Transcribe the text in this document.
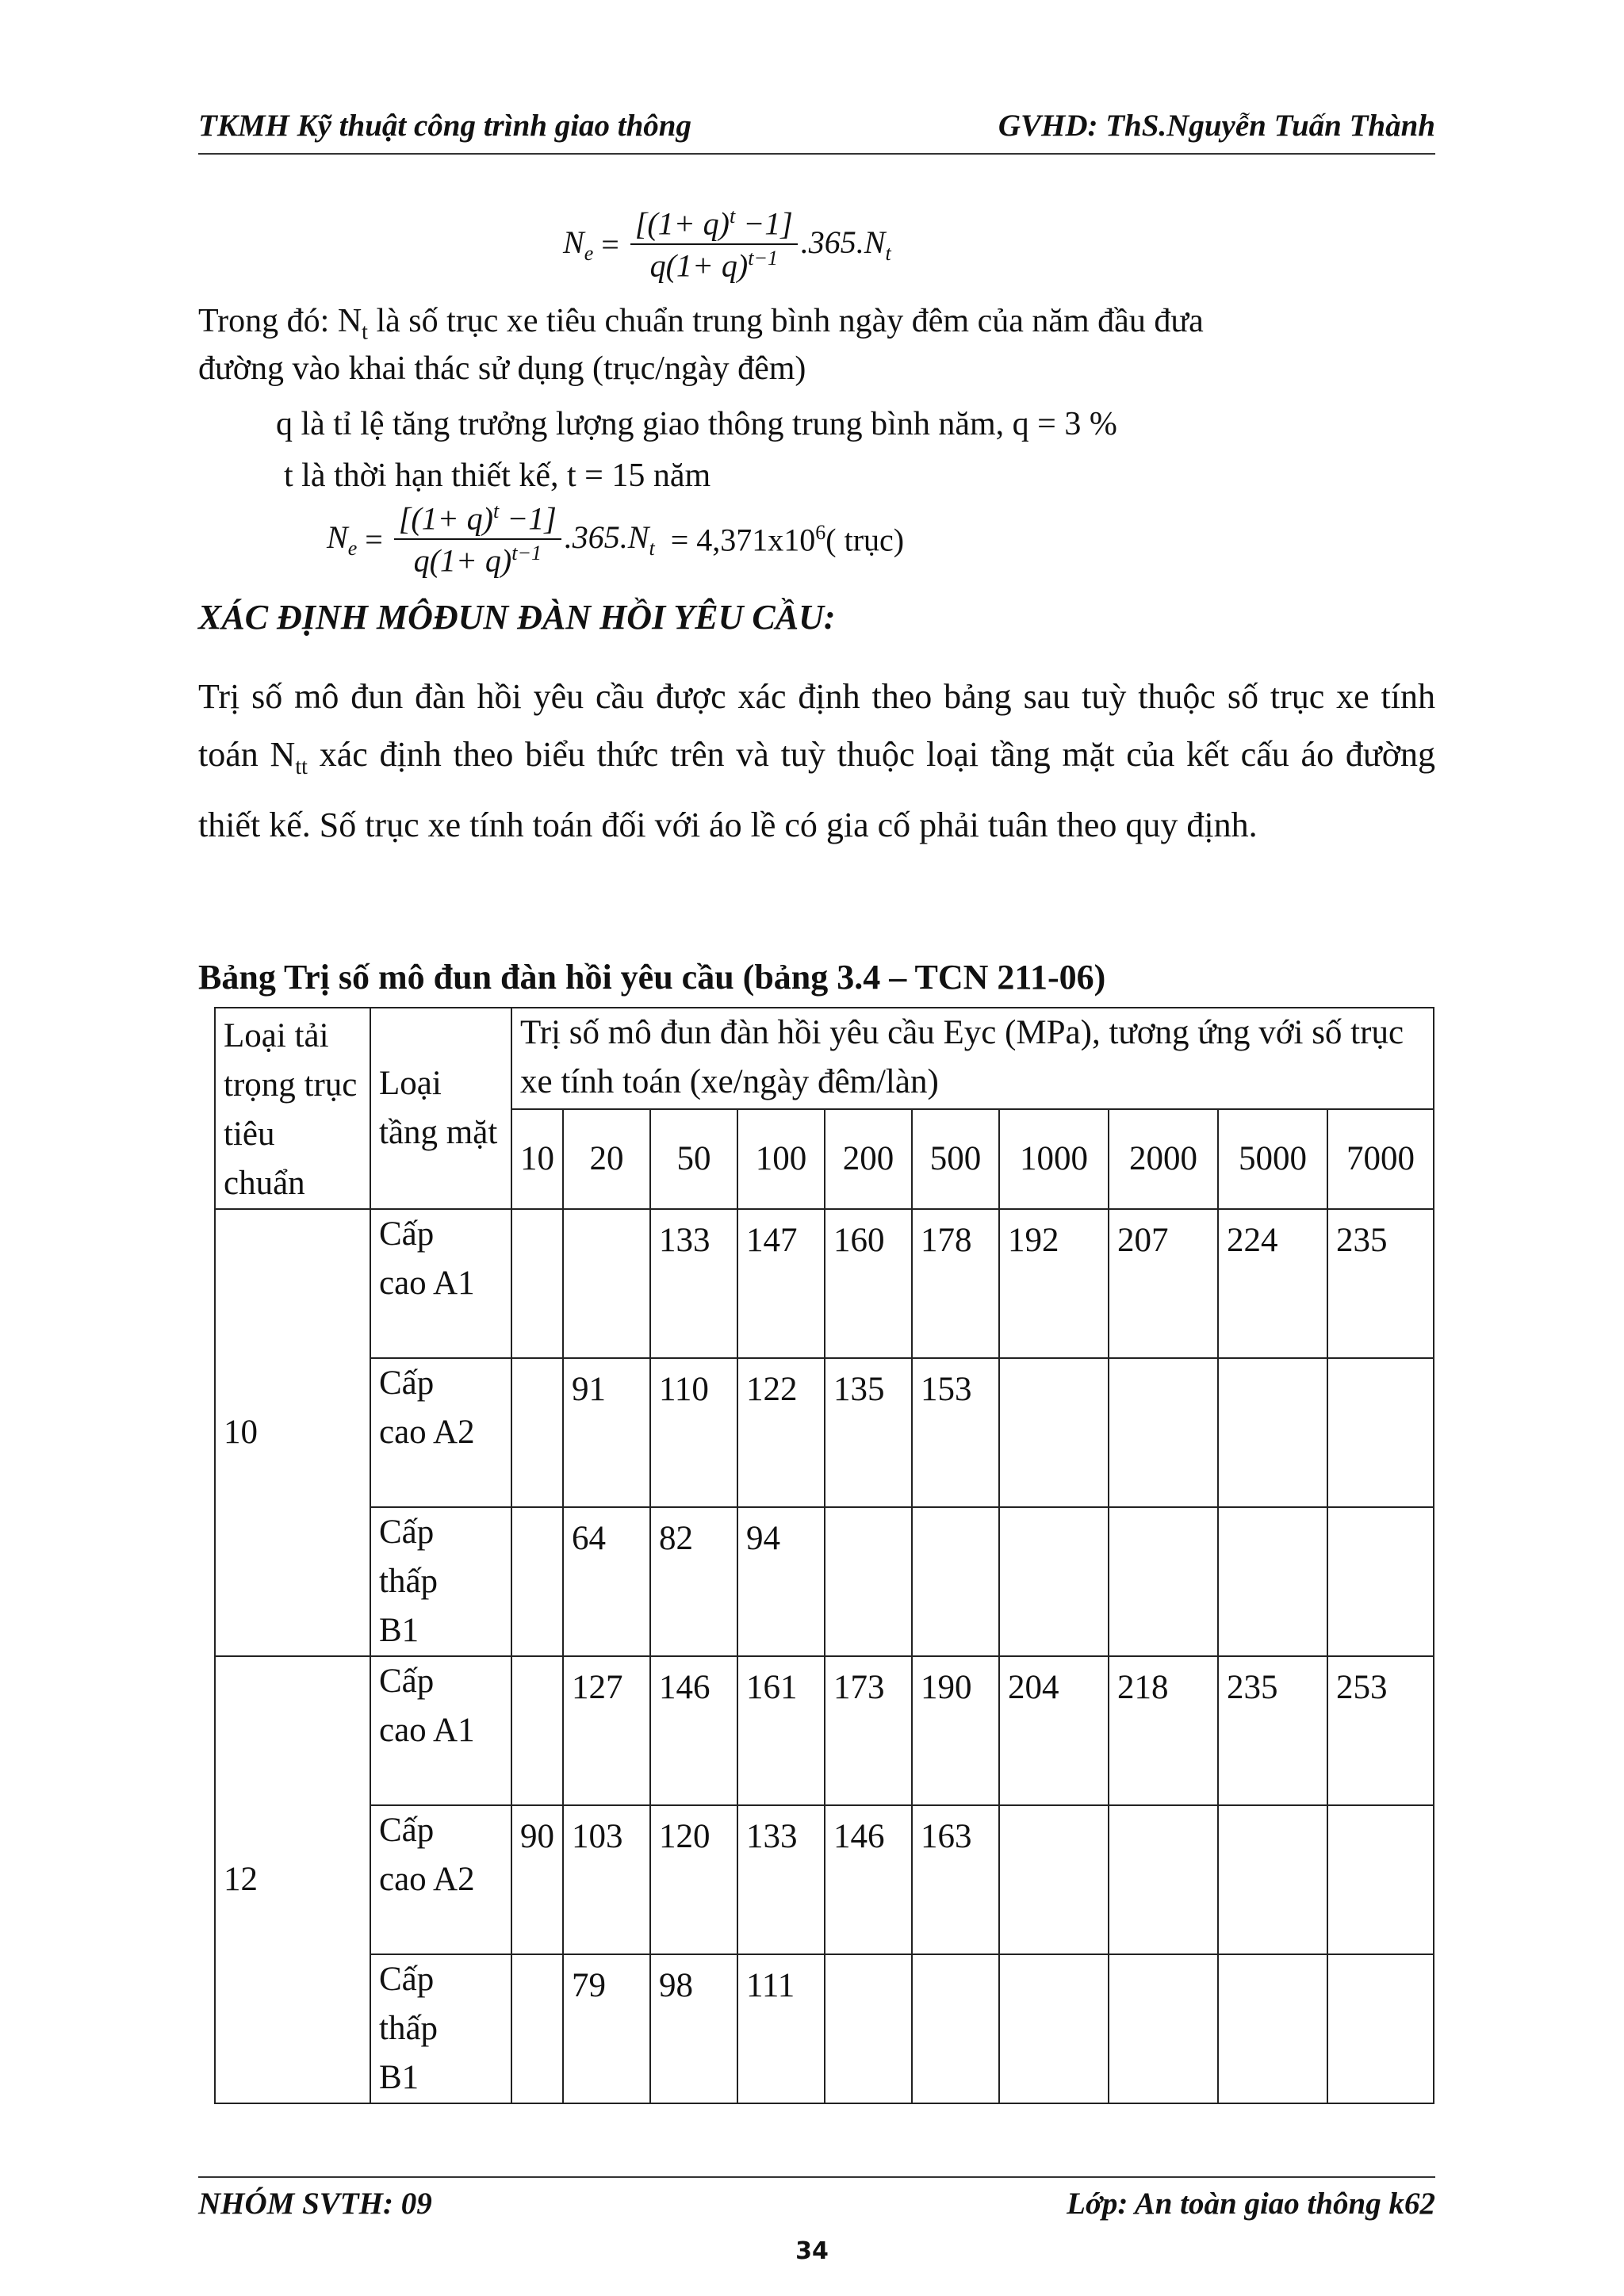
TKMH Kỹ thuật công trình giao thông	GVHD: ThS.Nguyễn Tuấn Thành
$N_e = \frac{[(1+ q)^t -1]}{q(1+ q)^{t-1}} .365.N_t$
Trong đó: $N_t$ là số trục xe tiêu chuẩn trung bình ngày đêm của năm đầu đưa
đường vào khai thác sử dụng (trục/ngày đêm)
q là tỉ lệ tăng trưởng lượng giao thông trung bình năm, q = 3 %
t là thời hạn thiết kế, t = 15 năm
$N_e = \frac{[(1+ q)^t -1]}{q(1+ q)^{t-1}} .365.N_t = 4,371x10^6$( trục)
XÁC ĐỊNH MÔĐUN ĐÀN HỒI YÊU CẦU:
Trị số mô đun đàn hồi yêu cầu được xác định theo bảng sau tuỳ thuộc số trục xe tính toán $N_{tt}$ xác định theo biểu thức trên và tuỳ thuộc loại tầng mặt của kết cấu áo đường thiết kế. Số trục xe tính toán đối với áo lề có gia cố phải tuân theo quy định.
Bảng Trị số mô đun đàn hồi yêu cầu (bảng 3.4 – TCN 211-06)
Loại tải trọng trục tiêu chuẩn	Loại tầng mặt	Trị số mô đun đàn hồi yêu cầu Eyc (MPa), tương ứng với số trục xe tính toán (xe/ngày đêm/làn)									
		10	20	50	100	200	500	1000	2000	5000	7000
10	Cấp cao A1			133	147	160	178	192	207	224	235
	Cấp cao A2		91	110	122	135	153				
	Cấp thấp B1		64	82	94						
12	Cấp cao A1		127	146	161	173	190	204	218	235	253
	Cấp cao A2	90	103	120	133	146	163				
	Cấp thấp B1		79	98	111						
NHÓM SVTH: 09	Lớp: An toàn giao thông k62
34
